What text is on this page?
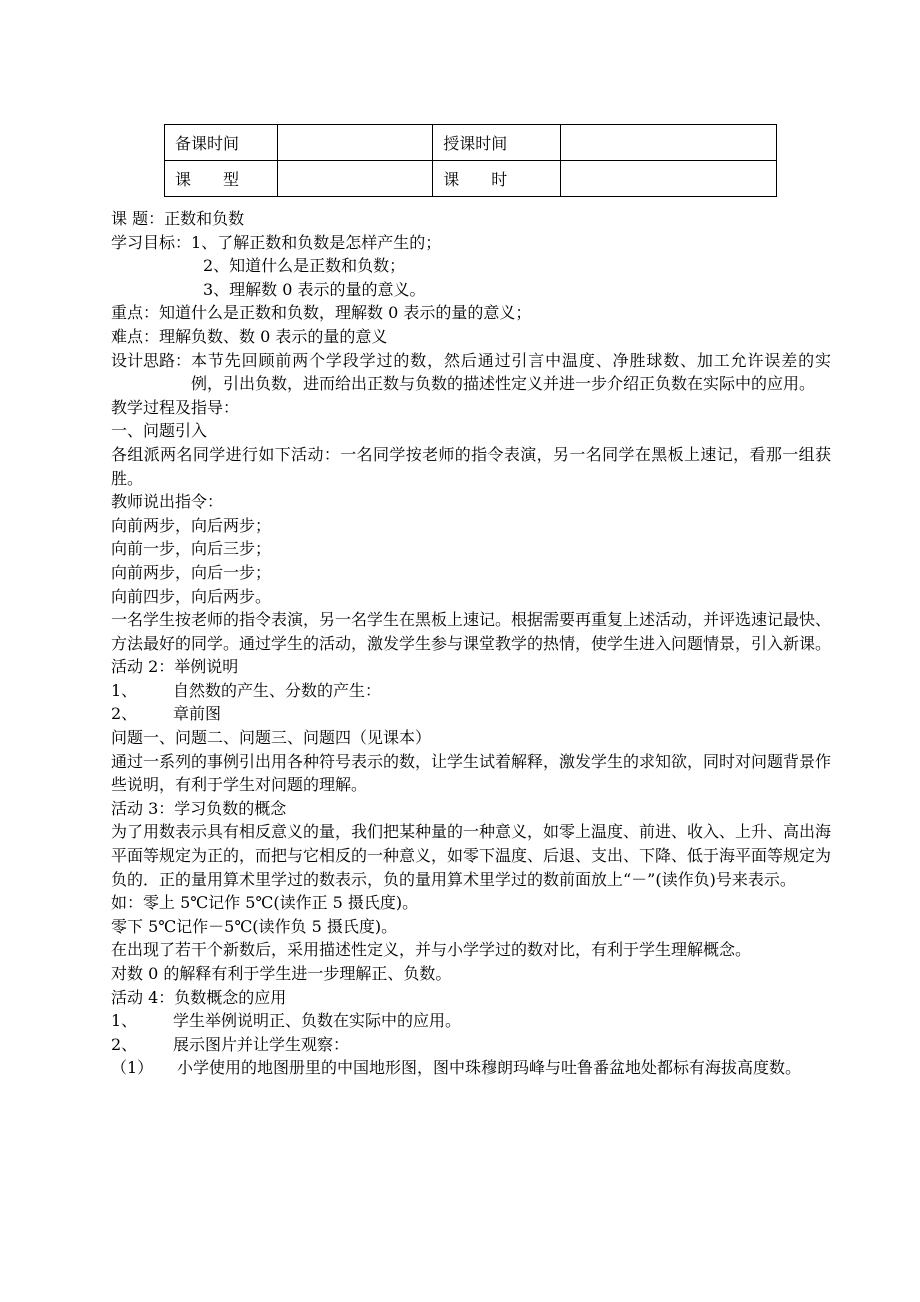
备课时间		授课时间	
课　　型		课　　时	
课 题：正数和负数
学习目标：1、了解正数和负数是怎样产生的；
2、知道什么是正数和负数；
3、理解数 0 表示的量的意义。
重点：知道什么是正数和负数，理解数 0 表示的量的意义；
难点：理解负数、数 0 表示的量的意义
设计思路： 本节先回顾前两个学段学过的数，然后通过引言中温度、净胜球数、加工允许误差的实例，引出负数，进而给出正数与负数的描述性定义并进一步介绍正负数在实际中的应用。
教学过程及指导：
一、问题引入
各组派两名同学进行如下活动：一名同学按老师的指令表演，另一名同学在黑板上速记，看那一组获胜。
教师说出指令：
向前两步，向后两步；
向前一步，向后三步；
向前两步，向后一步；
向前四步，向后两步。
一名学生按老师的指令表演，另一名学生在黑板上速记。根据需要再重复上述活动，并评选速记最快、方法最好的同学。通过学生的活动，激发学生参与课堂教学的热情，使学生进入问题情景，引入新课。
活动 2：举例说明
1、 自然数的产生、分数的产生：
2、 章前图
问题一、问题二、问题三、问题四（见课本）
通过一系列的事例引出用各种符号表示的数，让学生试着解释，激发学生的求知欲，同时对问题背景作些说明，有利于学生对问题的理解。
活动 3：学习负数的概念
为了用数表示具有相反意义的量，我们把某种量的一种意义，如零上温度、前进、收入、上升、高出海平面等规定为正的，而把与它相反的一种意义，如零下温度、后退、支出、下降、低于海平面等规定为负的．正的量用算术里学过的数表示，负的量用算术里学过的数前面放上“－”(读作负)号来表示。
如：零上 5℃记作 5℃(读作正 5 摄氏度)。
零下 5℃记作－5℃(读作负 5 摄氏度)。
在出现了若干个新数后，采用描述性定义，并与小学学过的数对比，有利于学生理解概念。
对数 0 的解释有利于学生进一步理解正、负数。
活动 4：负数概念的应用
1、 学生举例说明正、负数在实际中的应用。
2、 展示图片并让学生观察：
（1） 小学使用的地图册里的中国地形图，图中珠穆朗玛峰与吐鲁番盆地处都标有海拔高度数。
